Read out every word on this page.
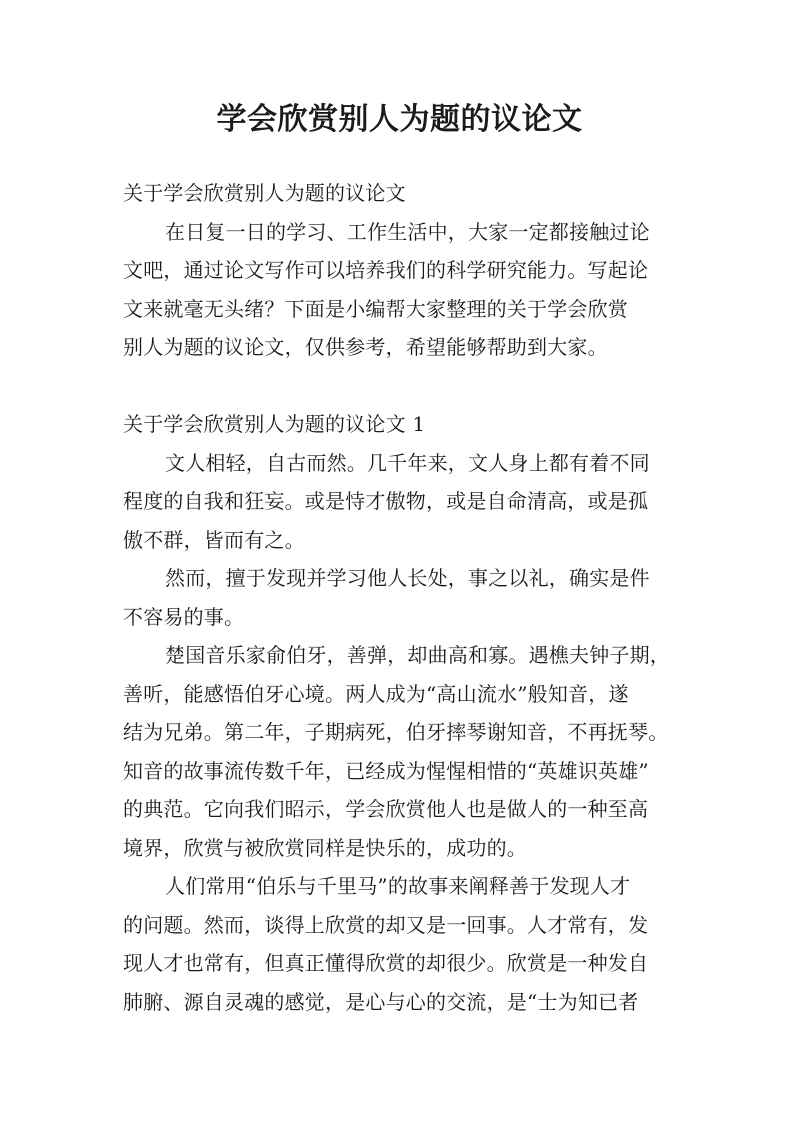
学会欣赏别人为题的议论文
关于学会欣赏别人为题的议论文
在日复一日的学习、工作生活中，大家一定都接触过论
文吧，通过论文写作可以培养我们的科学研究能力。写起论
文来就毫无头绪？下面是小编帮大家整理的关于学会欣赏
别人为题的议论文，仅供参考，希望能够帮助到大家。
关于学会欣赏别人为题的议论文 1
文人相轻，自古而然。几千年来，文人身上都有着不同
程度的自我和狂妄。或是恃才傲物，或是自命清高，或是孤
傲不群，皆而有之。
然而，擅于发现并学习他人长处，事之以礼，确实是件
不容易的事。
楚国音乐家俞伯牙，善弹，却曲高和寡。遇樵夫钟子期，
善听，能感悟伯牙心境。两人成为“高山流水”般知音，遂
结为兄弟。第二年，子期病死，伯牙摔琴谢知音，不再抚琴。
知音的故事流传数千年，已经成为惺惺相惜的“英雄识英雄”
的典范。它向我们昭示，学会欣赏他人也是做人的一种至高
境界，欣赏与被欣赏同样是快乐的，成功的。
人们常用“伯乐与千里马”的故事来阐释善于发现人才
的问题。然而，谈得上欣赏的却又是一回事。人才常有，发
现人才也常有，但真正懂得欣赏的却很少。欣赏是一种发自
肺腑、源自灵魂的感觉，是心与心的交流，是“士为知已者
